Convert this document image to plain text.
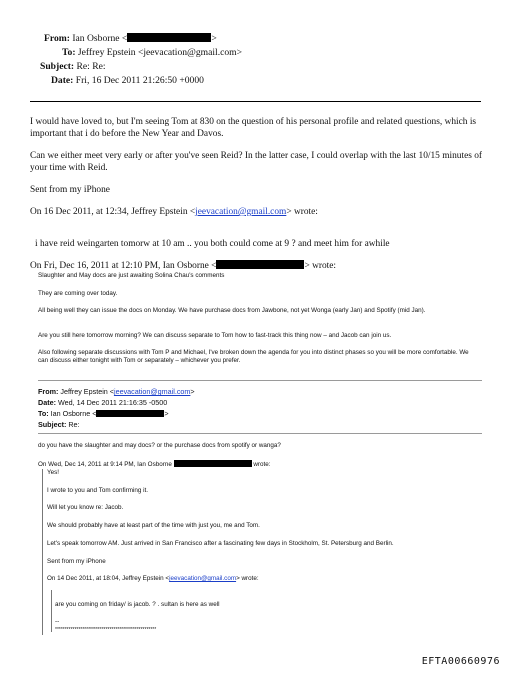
From: Ian Osborne <	>
To: Jeffrey Epstein <jeevacation@gmail.com>
Subject: Re: Re:
Date: Fri, 16 Dec 2011 21:26:50 +0000

I would have loved to, but I'm seeing Tom at 830 on the question of his personal profile and related questions, which is important that i do before the New Year and Davos.

Can we either meet very early or after you've seen Reid? In the latter case, I could overlap with the last 10/15 minutes of your time with Reid.

Sent from my iPhone

On 16 Dec 2011, at 12:34, Jeffrey Epstein <jeevacation@gmail.com> wrote:

i have reid weingarten tomorw at 10 am .. you both could come at 9 ? and meet him for awhile

On Fri, Dec 16, 2011 at 12:10 PM, Ian Osborne <	> wrote:

Slaughter and May docs are just awaiting Solina Chau's comments

They are coming over today.

All being well they can issue the docs on Monday. We have purchase docs from Jawbone, not yet Wonga (early Jan) and Spotify (mid Jan).

Are you still here tomorrow morning? We can discuss separate to Tom how to fast-track this thing now – and Jacob can join us.

Also following separate discussions with Tom P and Michael, I've broken down the agenda for you into distinct phases so you will be more comfortable. We can discuss either tonight with Tom or separately – whichever you prefer.

From: Jeffrey Epstein <jeevacation@gmail.com>

Date: Wed, 14 Dec 2011 21:16:35 -0500

To: Ian Osborne <	>

Subject: Re:

do you have the slaughter and may docs? or the purchase docs from spotify or wanga?

On Wed, Dec 14, 2011 at 9:14 PM, Ian Osborne	wrote:

Yes!

I wrote to you and Tom confirming it.

Will let you know re: Jacob.

We should probably have at least part of the time with just you, me and Tom.

Let's speak tomorrow AM. Just arrived in San Francisco after a fascinating few days in Stockholm, St. Petersburg and Berlin.

Sent from my iPhone

On 14 Dec 2011, at 18:04, Jeffrey Epstein <jeevacation@gmail.com> wrote:

are you coming on friday/ is jacob. ? . sultan is here as well

--

****************************************************

EFTA00660976
